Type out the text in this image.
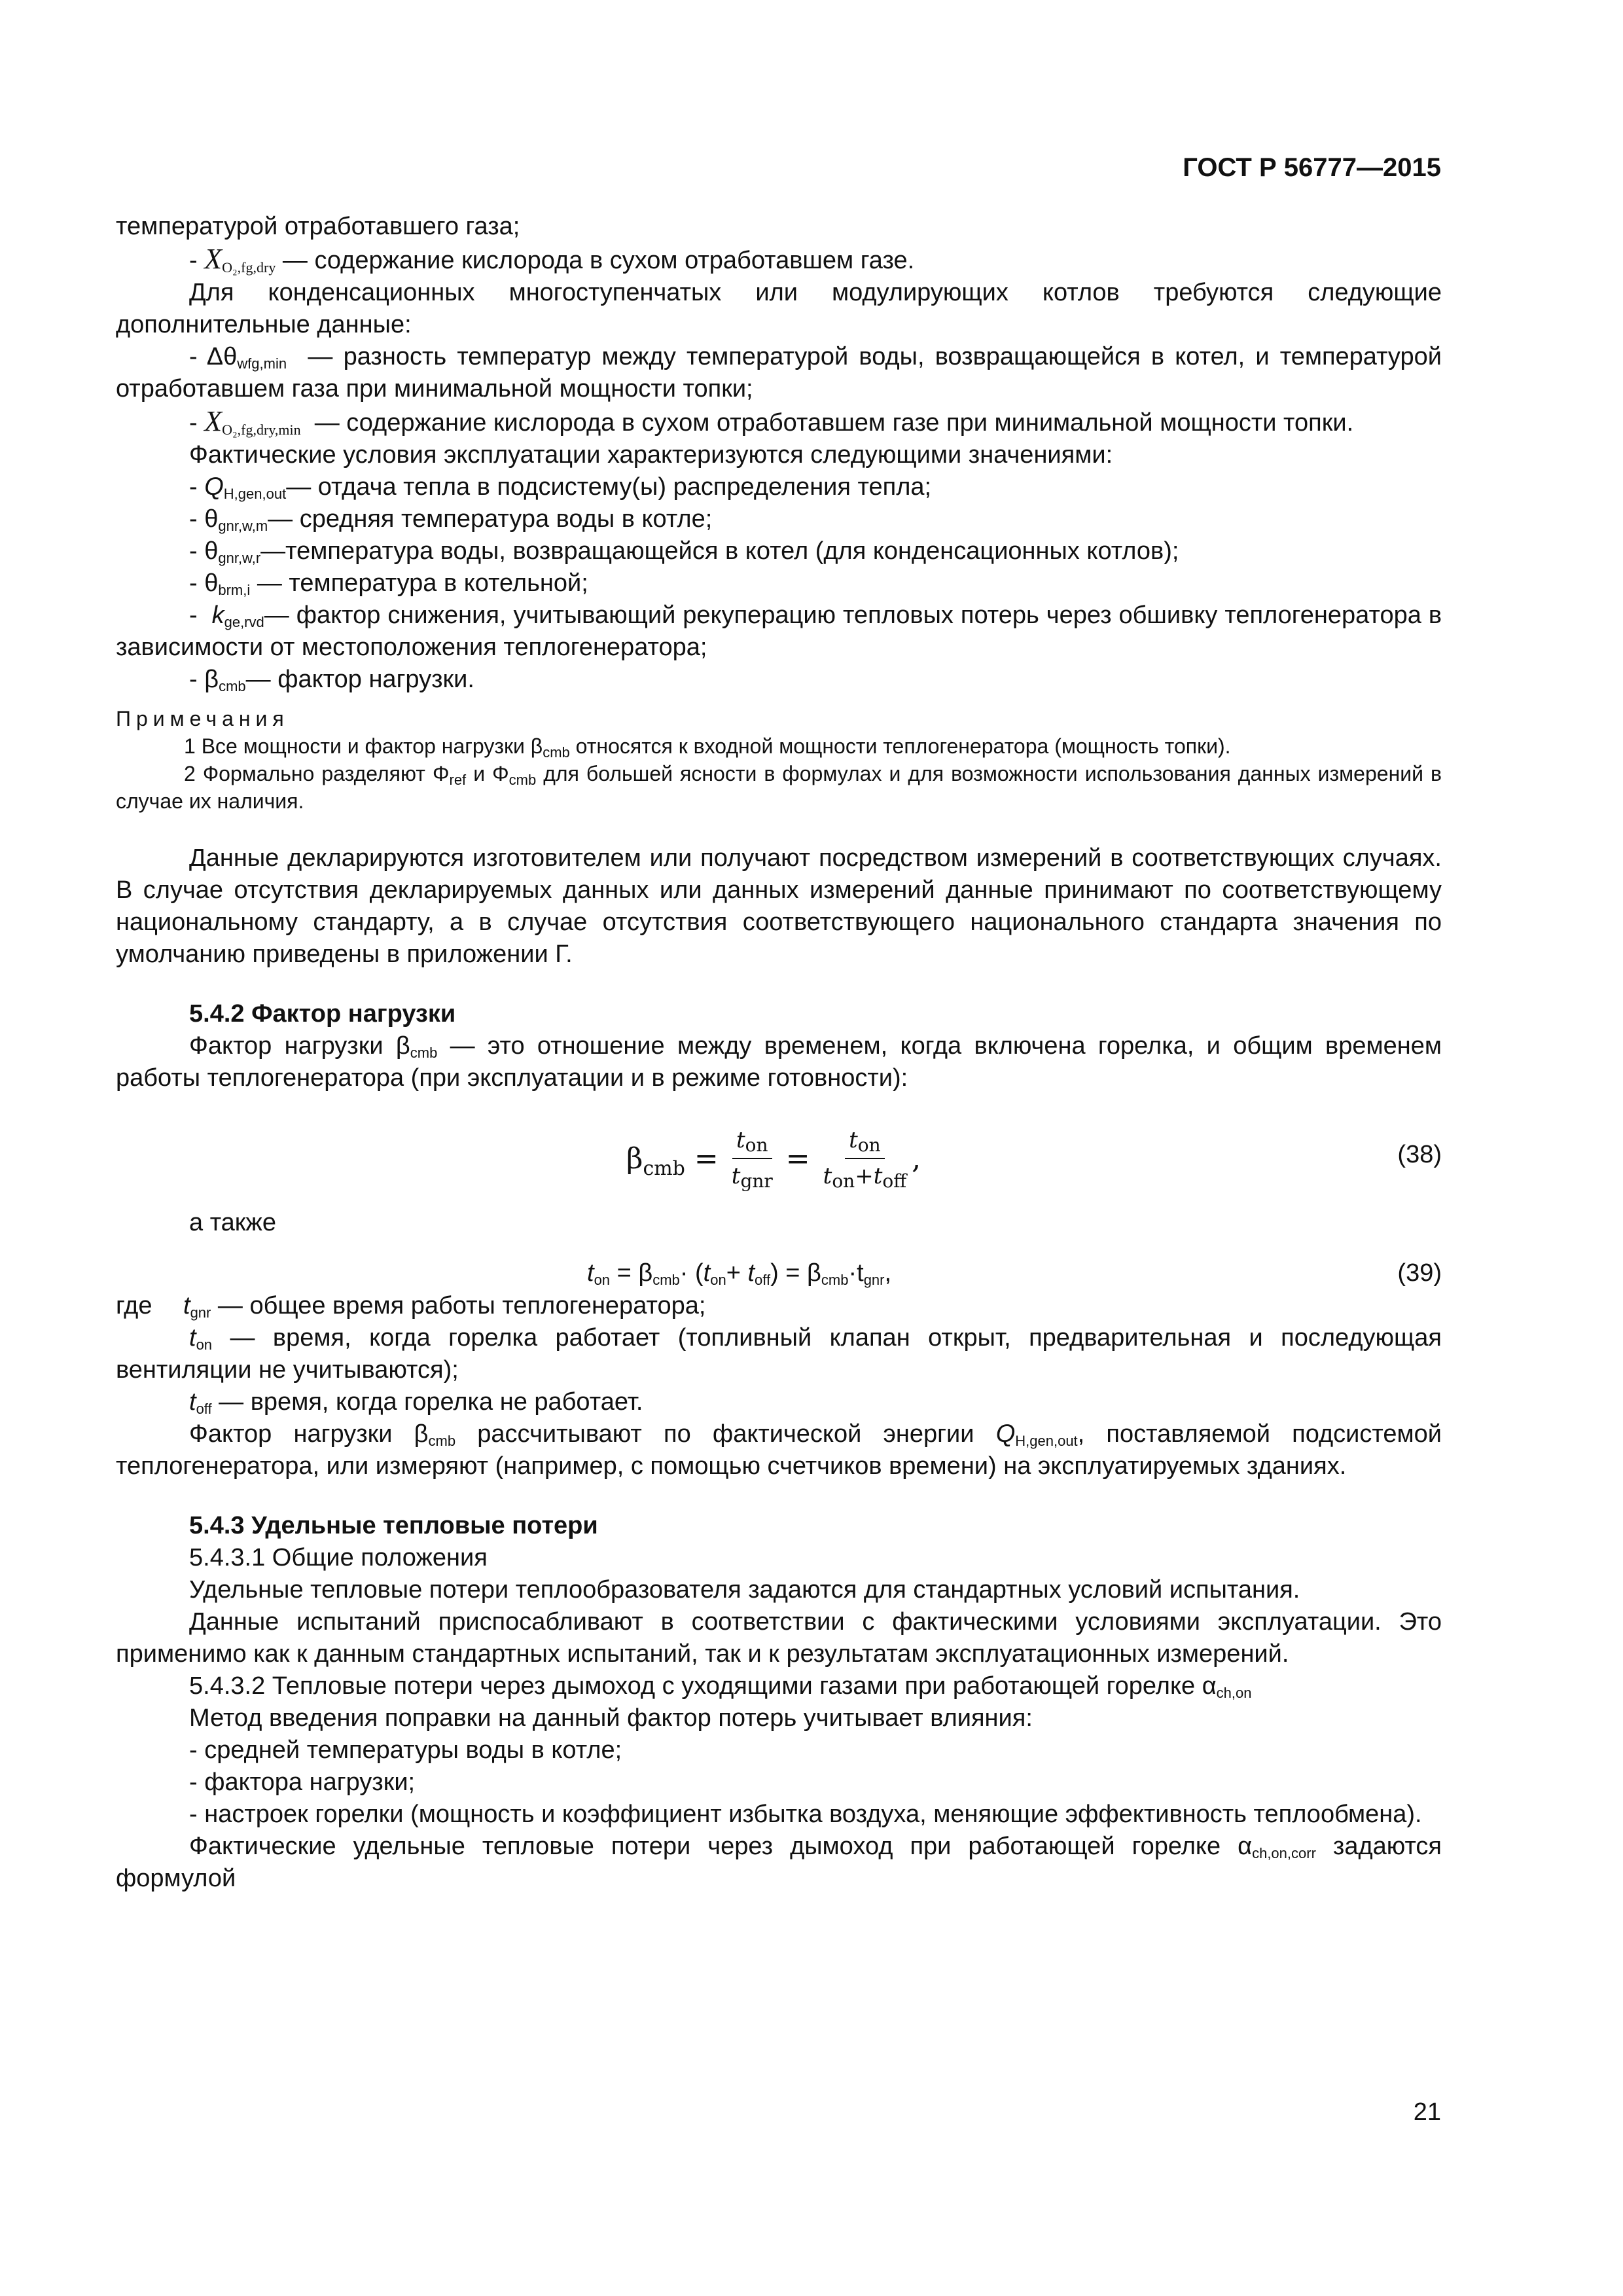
ГОСТ Р 56777—2015

температурой отработавшего газа;

- $X_{O_2,fg,dry}$ — содержание кислорода в сухом отработавшем газе.

Для конденсационных многоступенчатых или модулирующих котлов требуются следующие дополнительные данные:

- $\Delta\theta_{wfg,min}$ — разность температур между температурой воды, возвращающейся в котел, и температурой отработавшем газа при минимальной мощности топки;

- $X_{O_2,fg,dry,min}$  — содержание кислорода в сухом отработавшем газе при минимальной мощности топки.

Фактические условия эксплуатации характеризуются следующими значениями:

- $Q_{H,gen,out}—$ отдача тепла в подсистему(ы) распределения тепла;

- $\theta_{gnr,w,m}—$ средняя температура воды в котле;

- $\theta_{gnr,w,r}—температура$ воды, возвращающейся в котел (для конденсационных котлов);

- $\theta_{brm,i}$ — температура в котельной;

-  $k_{ge,rvd}—$ фактор снижения, учитывающий рекуперацию тепловых потерь через обшивку теплогенератора в зависимости от местоположения теплогенератора;

- $\beta_{cmb}—$ фактор нагрузки.

Примечания

1 Все мощности и фактор нагрузки $\beta_{cmb}$ относятся к входной мощности теплогенератора (мощность топки).

2 Формально разделяют $\Phi_{ref}$ и $\Phi_{cmb}$ для большей ясности в формулах и для возможности использования данных измерений в случае их наличия.

Данные декларируются изготовителем или получают посредством измерений в соответствующих случаях. В случае отсутствия декларируемых данных или данных измерений данные принимают по соответствующему национальному стандарту, а в случае отсутствия соответствующего национального стандарта значения по умолчанию приведены в приложении Г.

5.4.2 Фактор нагрузки

Фактор нагрузки $\beta_{cmb}$ — это отношение между временем, когда включена горелка, и общим временем работы теплогенератора (при эксплуатации и в режиме готовности):

$\beta_{cmb} = \frac{t_{on}}{t_{gnr}} = \frac{t_{on}}{t_{on}+t_{off}}$ ,	(38)

а также

$t_{on} = \beta_{cmb}\cdot (t_{on}+ t_{off}) = \beta_{cmb}\cdot t_{gnr}$,	(39)
где	$t_{gnr}$ — общее время работы теплогенератора;

$t_{on}$ — время, когда горелка работает (топливный клапан открыт, предварительная и последующая вентиляции не учитываются);

$t_{off}$ — время, когда горелка не работает.

Фактор нагрузки $\beta_{cmb}$ рассчитывают по фактической энергии $Q_{H,gen,out}$, поставляемой подсистемой теплогенератора, или измеряют (например, с помощью счетчиков времени) на эксплуатируемых зданиях.

5.4.3 Удельные тепловые потери

5.4.3.1 Общие положения

Удельные тепловые потери теплообразователя задаются для стандартных условий испытания.

Данные испытаний приспосабливают в соответствии с фактическими условиями эксплуатации. Это применимо как к данным стандартных испытаний, так и к результатам эксплуатационных измерений.

5.4.3.2 Тепловые потери через дымоход с уходящими газами при работающей горелке $\alpha_{ch,on}$

Метод введения поправки на данный фактор потерь учитывает влияния:

- средней температуры воды в котле;

- фактора нагрузки;

- настроек горелки (мощность и коэффициент избытка воздуха, меняющие эффективность теплообмена).

Фактические удельные тепловые потери через дымоход при работающей горелке $\alpha_{ch,on,corr}$ задаются формулой

21
